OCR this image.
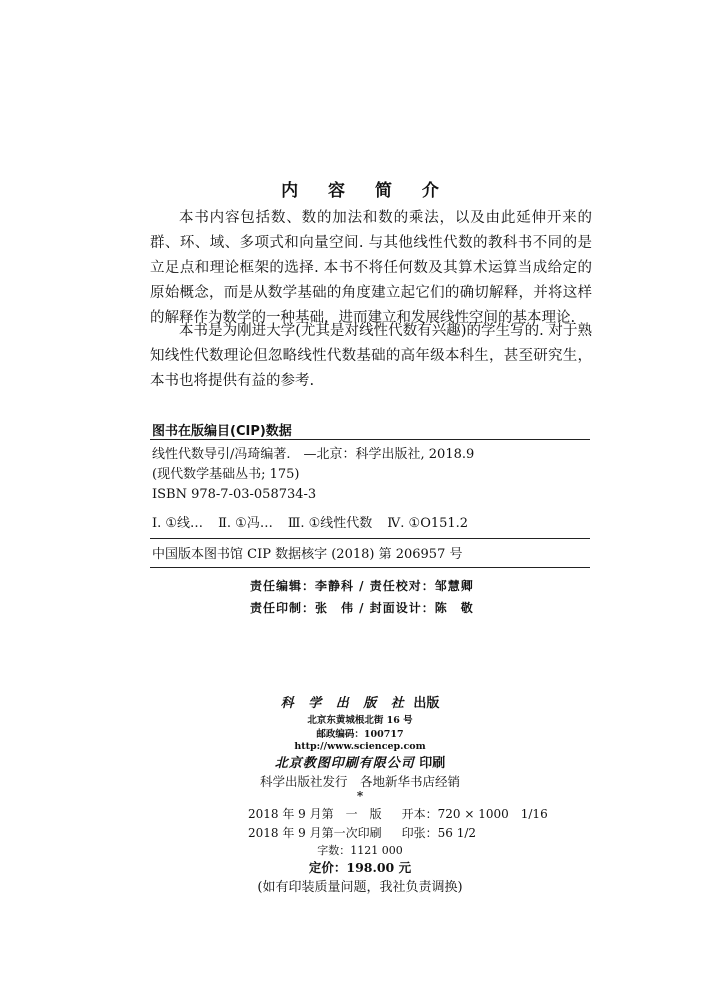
内 容 简 介

本书内容包括数、数的加法和数的乘法，以及由此延伸开来的群、环、域、多项式和向量空间. 与其他线性代数的教科书不同的是立足点和理论框架的选择. 本书不将任何数及其算术运算当成给定的原始概念，而是从数学基础的角度建立起它们的确切解释，并将这样的解释作为数学的一种基础，进而建立和发展线性空间的基本理论.

本书是为刚进大学(尤其是对线性代数有兴趣)的学生写的. 对于熟知线性代数理论但忽略线性代数基础的高年级本科生，甚至研究生，本书也将提供有益的参考.

图书在版编目(CIP)数据
线性代数导引/冯琦编著.　—北京：科学出版社, 2018.9
(现代数学基础丛书; 175)
ISBN 978-7-03-058734-3
Ⅰ. ①线… Ⅱ. ①冯… Ⅲ. ①线性代数 Ⅳ. ①O151.2
中国版本图书馆 CIP 数据核字 (2018) 第 206957 号
责任编辑：李静科 / 责任校对：邹慧卿
责任印制：张　伟 / 封面设计：陈　敬
科 学 出 版 社 出版
北京东黄城根北街 16 号
邮政编码：100717
http://www.sciencep.com
北京教图印刷有限公司 印刷
科学出版社发行　各地新华书店经销
*
2018 年 9 月第　一　版 开本：720 × 1000　1/16
2018 年 9 月第一次印刷 印张：56 1/2
字数：1121 000
定价：198.00 元
(如有印装质量问题，我社负责调换)
